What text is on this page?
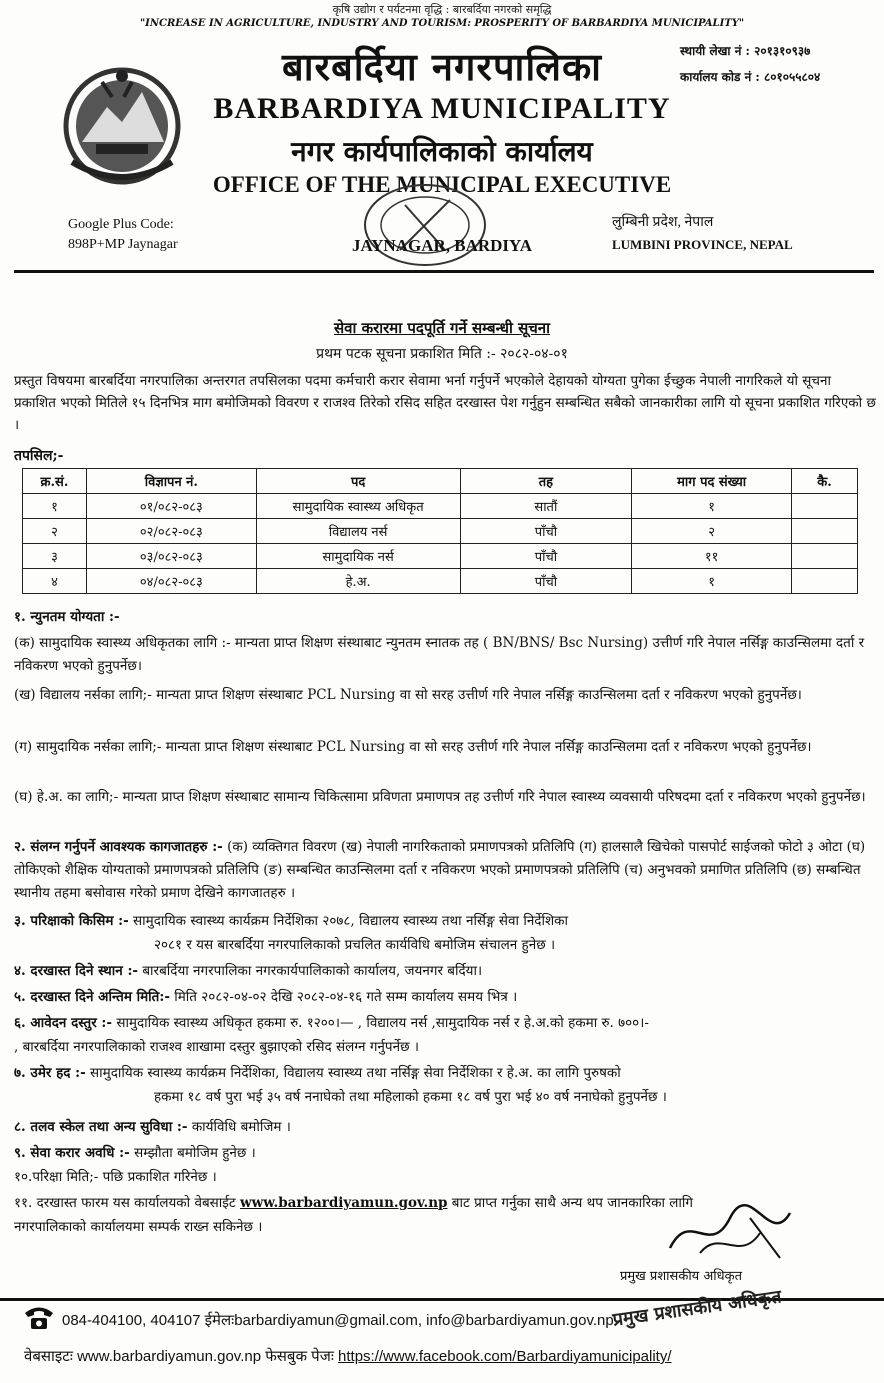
कृषि उद्योग र पर्यटनमा वृद्धि : बारबर्दिया नगरको समृद्धि
"INCREASE IN AGRICULTURE, INDUSTRY AND TOURISM: PROSPERITY OF BARBARDIYA MUNICIPALITY"
बारबर्दिया नगरपालिका
BARBARDIYA MUNICIPALITY
नगर कार्यपालिकाको कार्यालय
OFFICE OF THE MUNICIPAL EXECUTIVE
स्थायी लेखा नं : २०१३१०९३७
कार्यालय कोड नं : ८०१०५५८०४
Google Plus Code:
898P+MP Jaynagar	JAYNAGAR, BARDIYA
लुम्बिनी प्रदेश, नेपाल
LUMBINI PROVINCE, NEPAL
सेवा करारमा पदपूर्ति गर्ने सम्बन्धी सूचना
प्रथम पटक सूचना प्रकाशित मिति :- २०८२-०४-०१
प्रस्तुत विषयमा बारबर्दिया नगरपालिका अन्तरगत तपसिलका पदमा कर्मचारी करार सेवामा भर्ना गर्नुपर्ने भएकोले देहायको योग्यता पुगेका ईच्छुक नेपाली नागरिकले यो सूचना प्रकाशित भएको मितिले १५ दिनभित्र माग बमोजिमको विवरण र राजश्व तिरेको रसिद सहित दरखास्त पेश गर्नुहुन सम्बन्धित सबैको जानकारीका लागि यो सूचना प्रकाशित गरिएको छ ।
तपसिल;-
क्र.सं.	विज्ञापन नं.	पद	तह	माग पद संख्या	कै.
१	०१/०८२-०८३	सामुदायिक स्वास्थ्य अधिकृत	सातौं	१	
२	०२/०८२-०८३	विद्यालय नर्स	पाँचौ	२	
३	०३/०८२-०८३	सामुदायिक नर्स	पाँचौ	११	
४	०४/०८२-०८३	हे.अ.	पाँचौ	१	
१. न्युनतम योग्यता :-
(क) सामुदायिक स्वास्थ्य अधिकृतका लागि :- मान्यता प्राप्त शिक्षण संस्थाबाट न्युनतम स्नातक तह ( BN/BNS/ Bsc Nursing) उत्तीर्ण गरि नेपाल नर्सिङ्ग काउन्सिलमा दर्ता र नविकरण भएको हुनुपर्नेछ।
(ख) विद्यालय नर्सका लागि;- मान्यता प्राप्त शिक्षण संस्थाबाट PCL Nursing वा सो सरह उत्तीर्ण गरि नेपाल नर्सिङ्ग काउन्सिलमा दर्ता र नविकरण भएको हुनुपर्नेछ।
(ग) सामुदायिक नर्सका लागि;- मान्यता प्राप्त शिक्षण संस्थाबाट PCL Nursing वा सो सरह उत्तीर्ण गरि नेपाल नर्सिङ्ग काउन्सिलमा दर्ता र नविकरण भएको हुनुपर्नेछ।
(घ) हे.अ. का लागि;- मान्यता प्राप्त शिक्षण संस्थाबाट सामान्य चिकित्सामा प्रविणता प्रमाणपत्र तह उत्तीर्ण गरि नेपाल स्वास्थ्य व्यवसायी परिषदमा दर्ता र नविकरण भएको हुनुपर्नेछ।
२. संलग्न गर्नुपर्ने आवश्यक कागजातहरु :- (क) व्यक्तिगत विवरण (ख) नेपाली नागरिकताको प्रमाणपत्रको प्रतिलिपि (ग) हालसालै खिचेको पासपोर्ट साईजको फोटो ३ ओटा (घ) तोकिएको शैक्षिक योग्यताको प्रमाणपत्रको प्रतिलिपि (ङ) सम्बन्धित काउन्सिलमा दर्ता र नविकरण भएको प्रमाणपत्रको प्रतिलिपि (च) अनुभवको प्रमाणित प्रतिलिपि (छ) सम्बन्धित स्थानीय तहमा बसोवास गरेको प्रमाण देखिने कागजातहरु ।
३. परिक्षाको किसिम :- सामुदायिक स्वास्थ्य कार्यक्रम निर्देशिका २०७८, विद्यालय स्वास्थ्य तथा नर्सिङ्ग सेवा निर्देशिका
२०८१ र यस बारबर्दिया नगरपालिकाको प्रचलित कार्यविधि बमोजिम संचालन हुनेछ ।
४. दरखास्त दिने स्थान :- बारबर्दिया नगरपालिका नगरकार्यपालिकाको कार्यालय, जयनगर बर्दिया।
५. दरखास्त दिने अन्तिम मिति:- मिति २०८२-०४-०२ देखि २०८२-०४-१६ गते सम्म कार्यालय समय भित्र ।
६. आवेदन दस्तुर :- सामुदायिक स्वास्थ्य अधिकृत हकमा रु. १२००।— , विद्यालय नर्स ,सामुदायिक नर्स र हे.अ.को हकमा रु. ७००।-
, बारबर्दिया नगरपालिकाको राजश्व शाखामा दस्तुर बुझाएको रसिद संलग्न गर्नुपर्नेछ ।
७. उमेर हद :- सामुदायिक स्वास्थ्य कार्यक्रम निर्देशिका, विद्यालय स्वास्थ्य तथा नर्सिङ्ग सेवा निर्देशिका र हे.अ. का लागि पुरुषको
हकमा १८ वर्ष पुरा भई ३५ वर्ष ननाघेको तथा महिलाको हकमा १८ वर्ष पुरा भई ४० वर्ष ननाघेको हुनुपर्नेछ ।
८. तलव स्केल तथा अन्य सुविधा :- कार्यविधि बमोजिम ।
९. सेवा करार अवधि :- सम्झौता बमोजिम हुनेछ ।
१०.परिक्षा मिति;- पछि प्रकाशित गरिनेछ ।
११. दरखास्त फारम यस कार्यालयको वेबसाईट www.barbardiyamun.gov.np बाट प्राप्त गर्नुका साथै अन्य थप जानकारिका लागि
नगरपालिकाको कार्यालयमा सम्पर्क राख्न सकिनेछ ।
प्रमुख प्रशासकीय अधिकृत
084-404100, 404107 ईमेलःbarbardiyamun@gmail.com, info@barbardiyamun.gov.np
प्रमुख प्रशासकीय अधिकृत
वेबसाइटः www.barbardiyamun.gov.np फेसबुक पेजः https://www.facebook.com/Barbardiyamunicipality/
